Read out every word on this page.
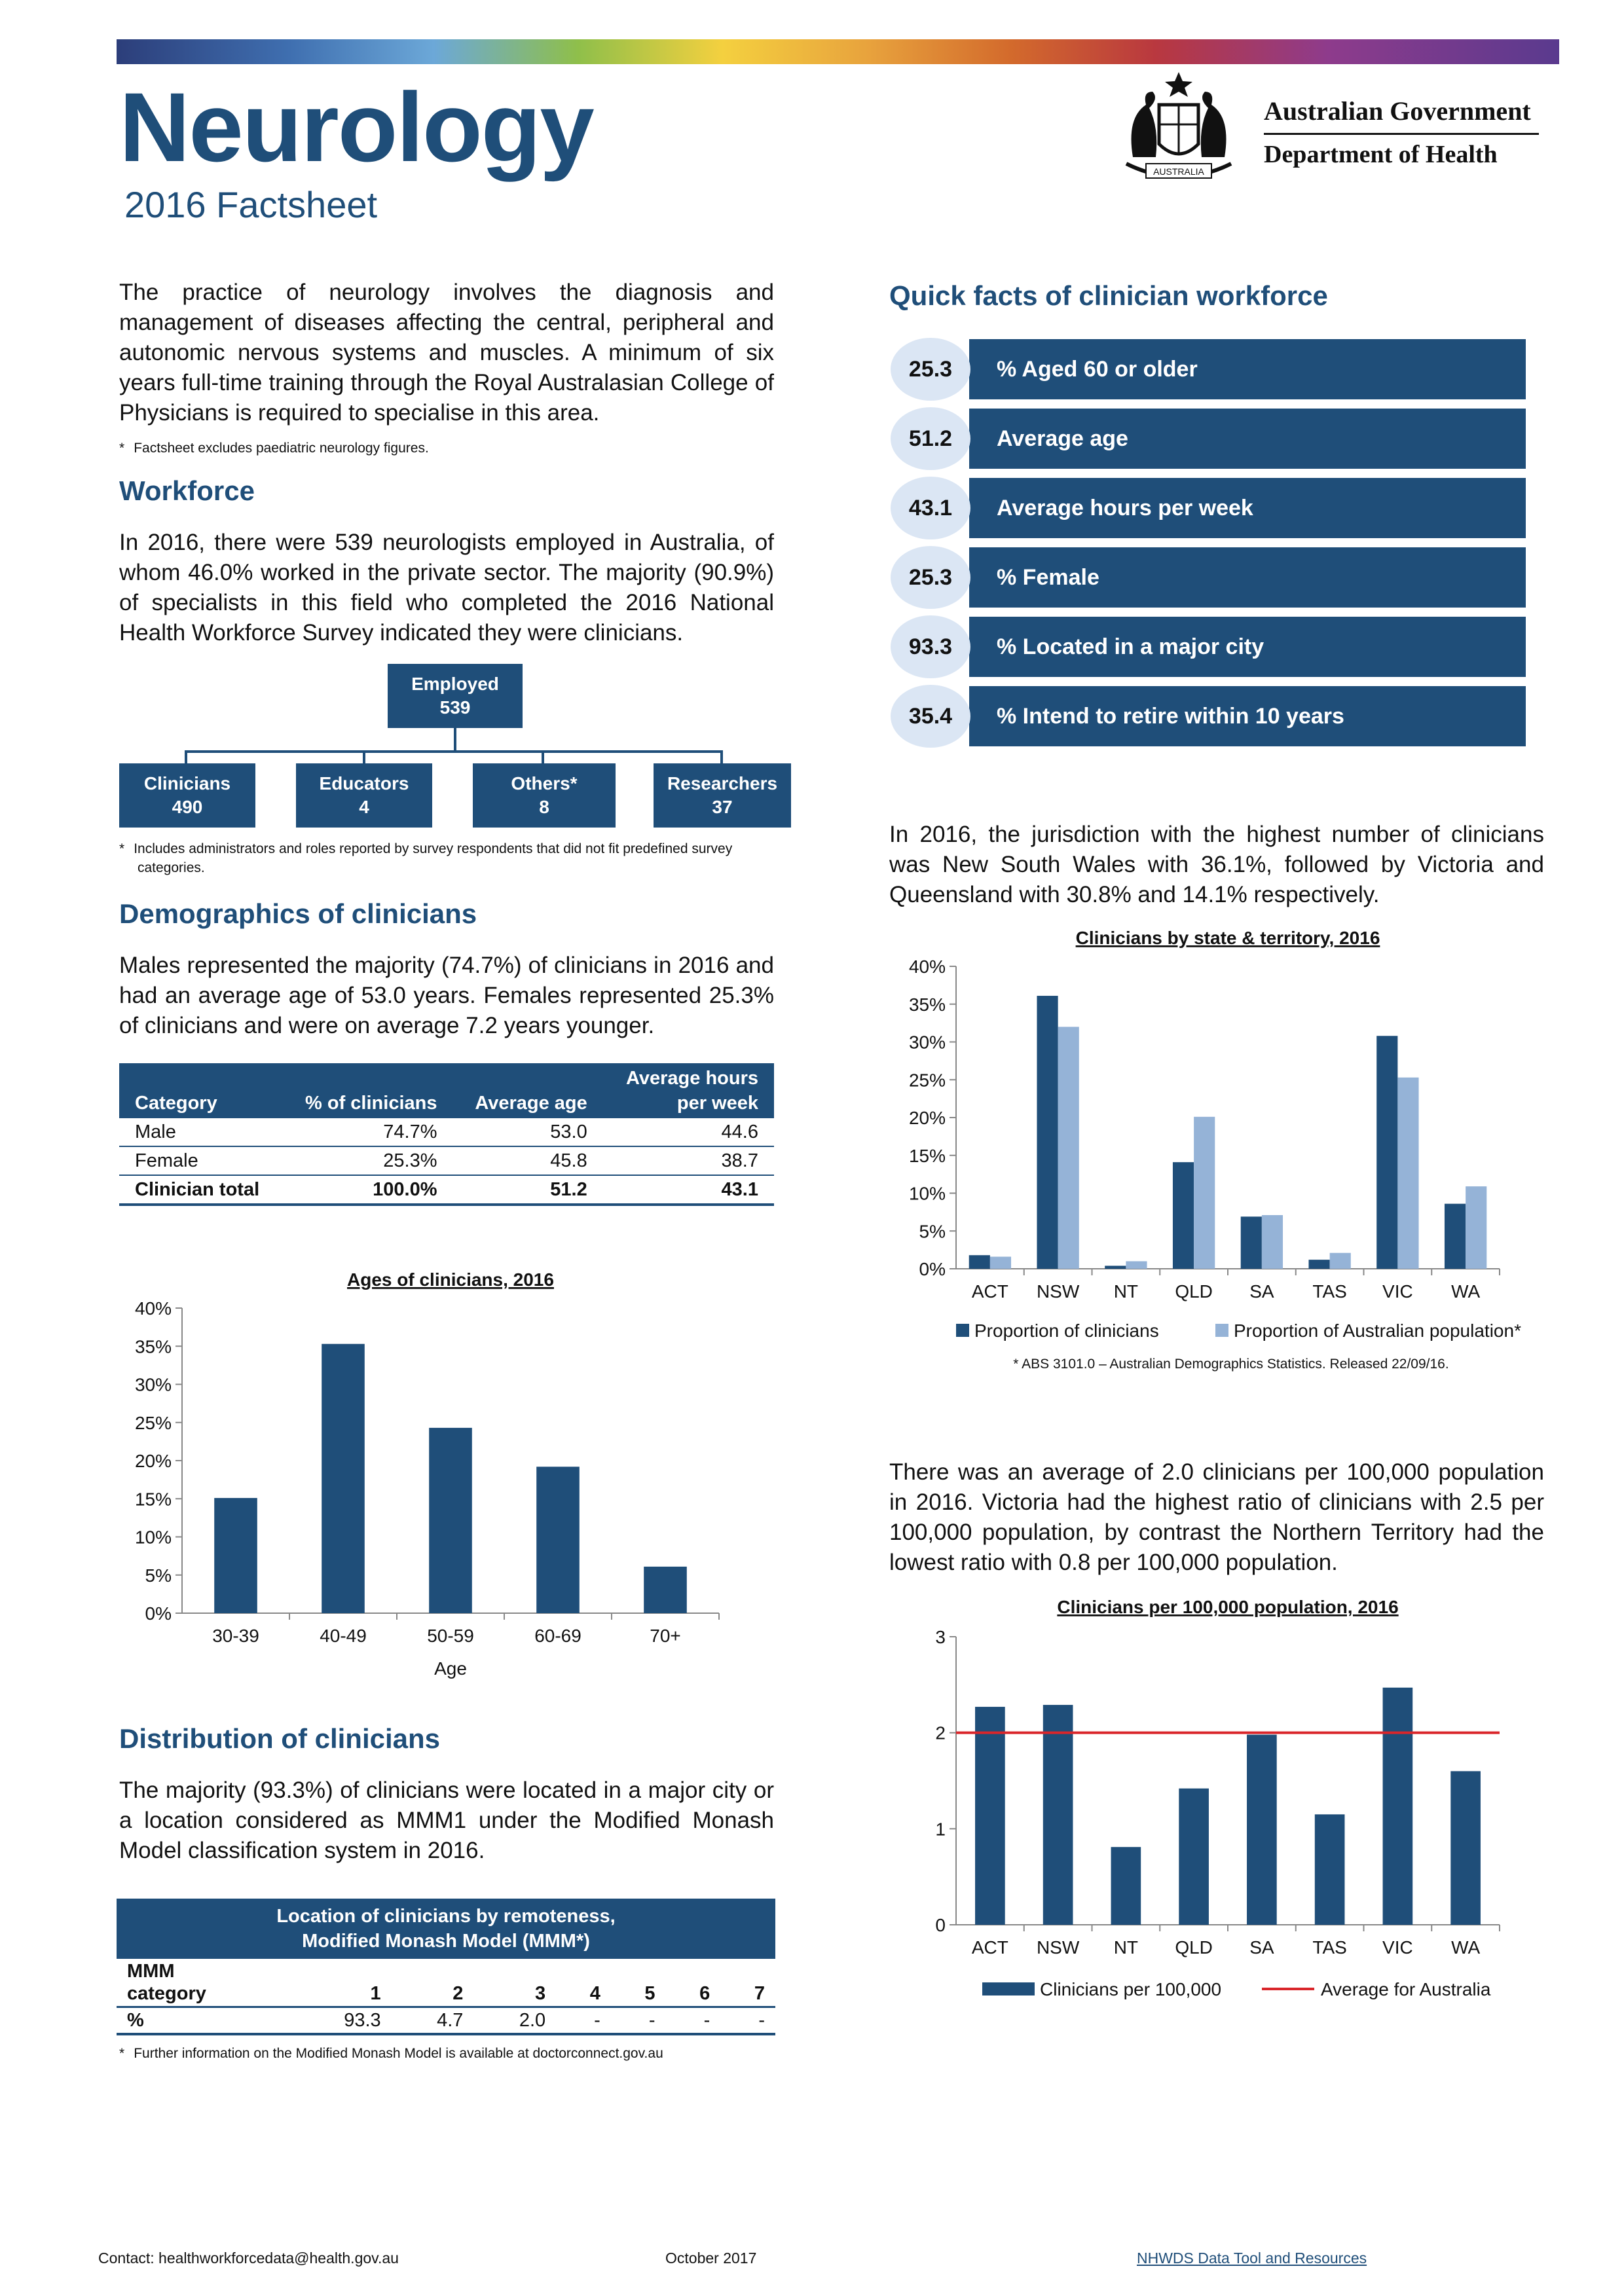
Neurology
2016 Factsheet
AUSTRALIA
Australian Government
Department of Health
The practice of neurology involves the diagnosis and management of diseases affecting the central, peripheral and autonomic nervous systems and muscles. A minimum of six years full-time training through the Royal Australasian College of Physicians is required to specialise in this area.
* Factsheet excludes paediatric neurology figures.
Workforce
In 2016, there were 539 neurologists employed in Australia, of whom 46.0% worked in the private sector. The majority (90.9%) of specialists in this field who completed the 2016 National Health Workforce Survey indicated they were clinicians.
Employed
539
Clinicians
490
Educators
4
Others*
8
Researchers
37
* Includes administrators and roles reported by survey respondents that did not fit predefined survey categories.
Demographics of clinicians
Males represented the majority (74.7%) of clinicians in 2016 and had an average age of 53.0 years. Females represented 25.3% of clinicians and were on average 7.2 years younger.
Category	% of clinicians	Average age	Average hours
per week
Male	74.7%	53.0	44.6
Female	25.3%	45.8	38.7
Clinician total	100.0%	51.2	43.1
Ages of clinicians, 2016
0%
5%
10%
15%
20%
25%
30%
35%
40%
30-39	40-49	50-59	60-69	70+
Age
Distribution of clinicians
The majority (93.3%) of clinicians were located in a major city or a location considered as MMM1 under the Modified Monash Model classification system in 2016.
Location of clinicians by remoteness,
Modified Monash Model (MMM*)							
MMM
category	1	2	3	4	5	6	7
%	93.3	4.7	2.0	-	-	-	-
* Further information on the Modified Monash Model is available at doctorconnect.gov.au
Quick facts of clinician workforce
% Aged 60 or older
25.3
Average age
51.2
Average hours per week
43.1
% Female
25.3
% Located in a major city
93.3
% Intend to retire within 10 years
35.4
In 2016, the jurisdiction with the highest number of clinicians was New South Wales with 36.1%, followed by Victoria and Queensland with 30.8% and 14.1% respectively.
Clinicians by state & territory, 2016
0%
5%
10%
15%
20%
25%
30%
35%
40%
ACT NSW NT QLD SA TAS VIC WA
Proportion of clinicians	Proportion of Australian population*
* ABS 3101.0 – Australian Demographics Statistics. Released 22/09/16.
There was an average of 2.0 clinicians per 100,000 population in 2016. Victoria had the highest ratio of clinicians with 2.5 per 100,000 population, by contrast the Northern Territory had the lowest ratio with 0.8 per 100,000 population.
Clinicians per 100,000 population, 2016
0
1
2
3
ACT NSW NT QLD SA TAS VIC WA
Clinicians per 100,000	Average for Australia
Contact: healthworkforcedata@health.gov.au	October 2017	NHWDS Data Tool and Resources
